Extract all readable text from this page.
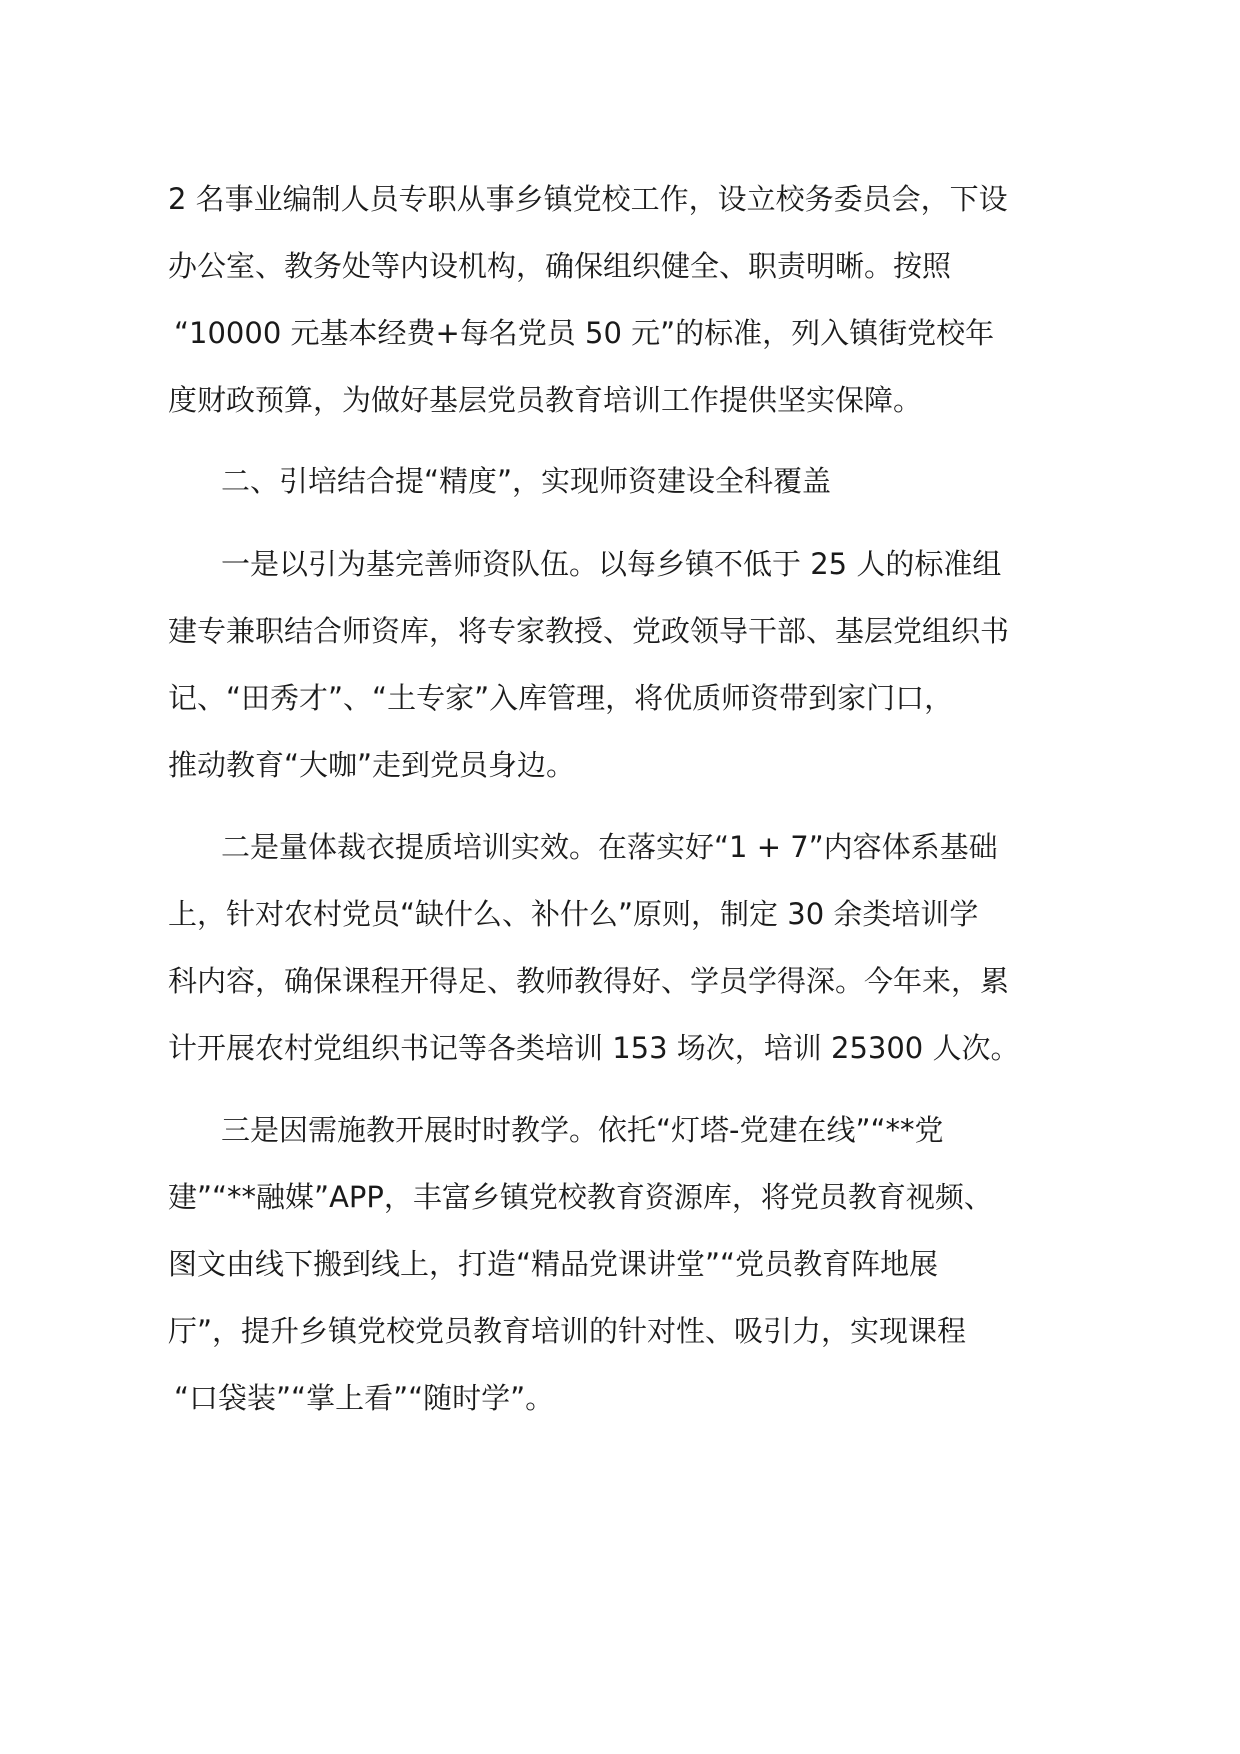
2 名事业编制人员专职从事乡镇党校工作，设立校务委员会，下设
办公室、教务处等内设机构，确保组织健全、职责明晰。按照
“10000 元基本经费+每名党员 50 元”的标准，列入镇街党校年
度财政预算，为做好基层党员教育培训工作提供坚实保障。
二、引培结合提“精度”，实现师资建设全科覆盖
一是以引为基完善师资队伍。以每乡镇不低于 25 人的标准组
建专兼职结合师资库，将专家教授、党政领导干部、基层党组织书
记、“田秀才”、“土专家”入库管理，将优质师资带到家门口，
推动教育“大咖”走到党员身边。
二是量体裁衣提质培训实效。在落实好“1 + 7”内容体系基础
上，针对农村党员“缺什么、补什么”原则，制定 30 余类培训学
科内容，确保课程开得足、教师教得好、学员学得深。今年来，累
计开展农村党组织书记等各类培训 153 场次，培训 25300 人次。
三是因需施教开展时时教学。依托“灯塔-党建在线”“**党
建”“**融媒”APP，丰富乡镇党校教育资源库，将党员教育视频、
图文由线下搬到线上，打造“精品党课讲堂”“党员教育阵地展
厅”，提升乡镇党校党员教育培训的针对性、吸引力，实现课程
“口袋装”“掌上看”“随时学”。
